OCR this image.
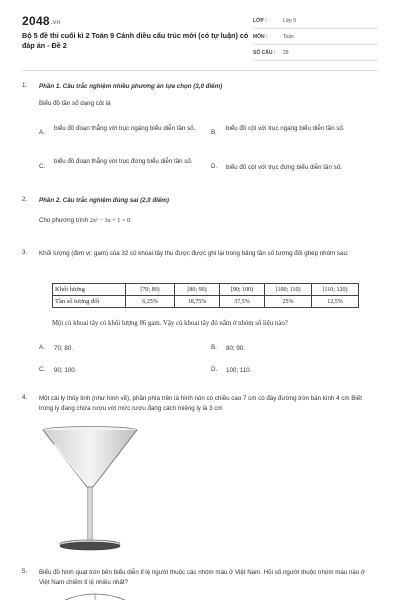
2048.vn
Bộ 5 đề thi cuối kì 2 Toán 9 Cánh diều cấu trúc mới (có tự luận) có đáp án - Đề 2
LỚP :	Lớp 9
MÔN :	Toán
SỐ CÂU :	28
1. Phần 1. Câu trắc nghiệm nhiều phương án lựa chọn (3,0 điểm)
Biểu đồ tần số dạng cột là
A.
biểu đồ đoạn thẳng với trục ngang biểu diễn tần số.
B.
biểu đồ cột với trục ngang biểu diễn tần số.
C.
biểu đồ đoạn thẳng với trục đứng biểu diễn tần số.
D. biểu đồ cột với trục đứng biểu diễn tần số.
2. Phần 2. Câu trắc nghiệm đúng sai (2,0 điểm)
Cho phương trình 2x² − 3x + 1 = 0.
3. Khối lượng (đơn vị: gam) của 32 củ khoai tây thu được được ghi lại trong bảng tần số tương đối ghép nhóm sau:
Khối lượng	[70; 80)	[80; 90)	[90; 100)	[100; 110)	[110; 120)
Tần số tương đối	6,25%	18,75%	37,5%	25%	12,5%
Một củ khoai tây có khối lượng 86 gam. Vậy củ khoai tây đó nằm ở nhóm số liệu nào?
A. 70; 80.	B. 80; 90.
C. 90; 100.	D. 100; 110.
4. Một cái ly thủy tinh (như hình vẽ), phần phía trên là hình nón có chiều cao 7 cm có đáy đường tròn bán kính 4 cm Biết trong ly đang chứa rượu với mức rượu đang cách miệng ly là 3 cm
5. Biểu đồ hình quạt tròn bên biểu diễn tỉ lệ người thuộc các nhóm máu ở Việt Nam. Hỏi số người thuộc nhóm máu nào ở Việt Nam chiếm tỉ lệ nhiều nhất?
